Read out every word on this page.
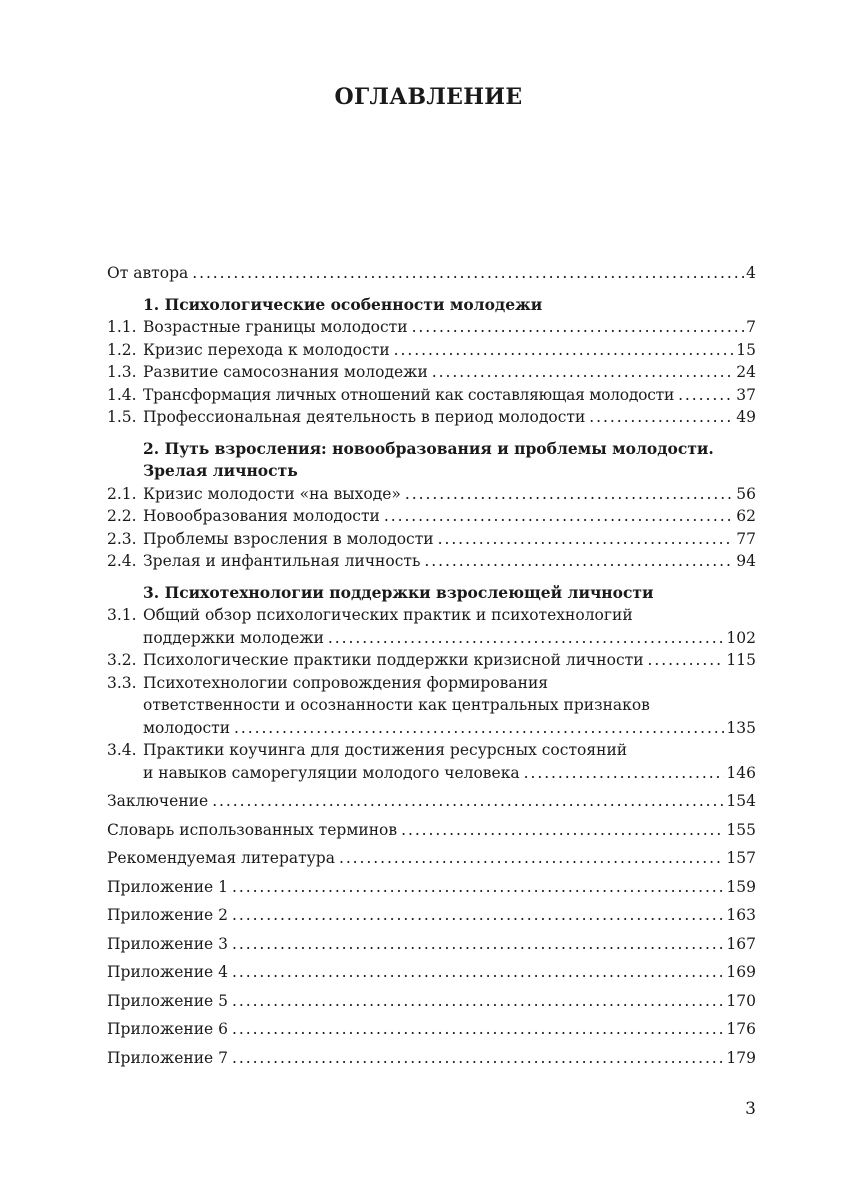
ОГЛАВЛЕНИЕ
От автора . . .	4
1. Психологические особенности молодежи
1.1. Возрастные границы молодости . . .	7
1.2. Кризис перехода к молодости . . .	15
1.3. Развитие самосознания молодежи . . .	24
1.4. Трансформация личных отношений как составляющая молодости . . .	37
1.5. Профессиональная деятельность в период молодости . . .	49
2. Путь взросления: новообразования и проблемы молодости.
Зрелая личность
2.1. Кризис молодости «на выходе» . . .	56
2.2. Новообразования молодости . . .	62
2.3. Проблемы взросления в молодости . . .	77
2.4. Зрелая и инфантильная личность . . .	94
3. Психотехнологии поддержки взрослеющей личности
3.1. Общий обзор психологических практик и психотехнологий
поддержки молодежи . . .	102
3.2. Психологические практики поддержки кризисной личности . . .	115
3.3. Психотехнологии сопровождения формирования
ответственности и осознанности как центральных признаков
молодости . . .	135
3.4. Практики коучинга для достижения ресурсных состояний
и навыков саморегуляции молодого человека . . .	146
Заключение . . .	154
Словарь использованных терминов . . .	155
Рекомендуемая литература . . .	157
Приложение 1 . . .	159
Приложение 2 . . .	163
Приложение 3 . . .	167
Приложение 4 . . .	169
Приложение 5 . . .	170
Приложение 6 . . .	176
Приложение 7 . . .	179
3
